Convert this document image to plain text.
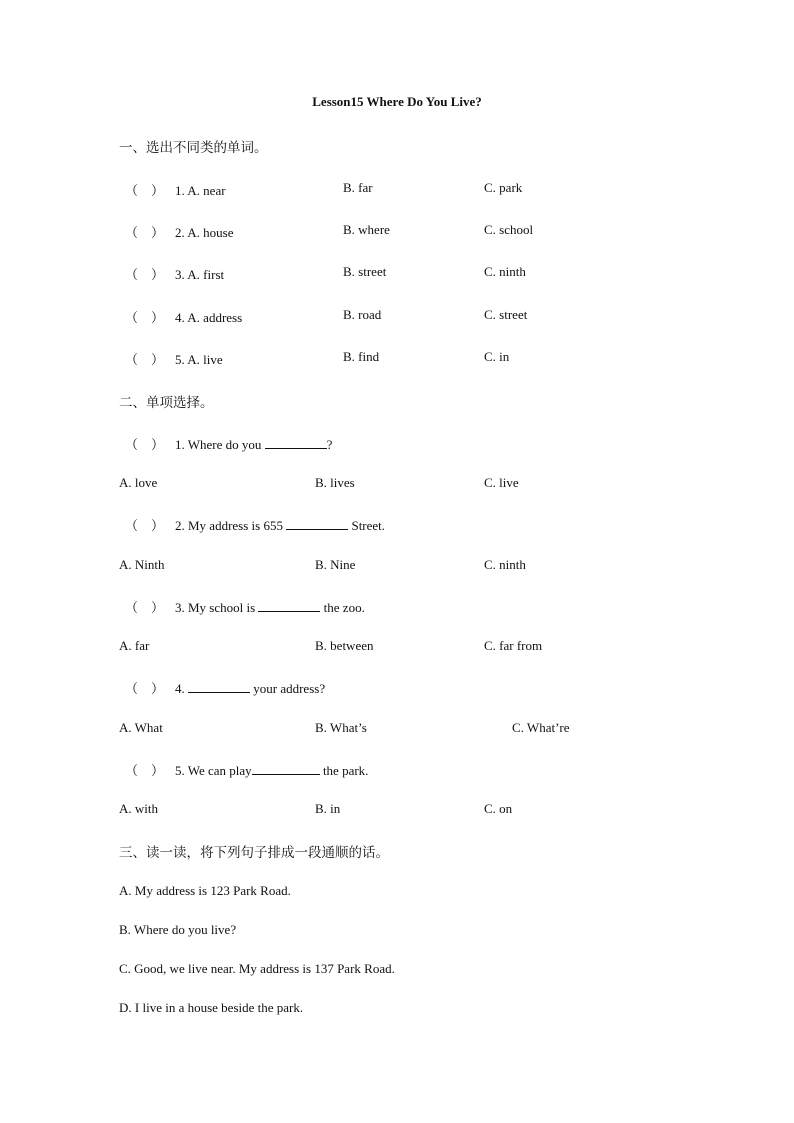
Lesson15 Where Do You Live?
一、选出不同类的单词。
（ ） 1. A. near	B. far	C. park
（ ） 2. A. house	B. where	C. school
（ ） 3. A. first	B. street	C. ninth
（ ） 4. A. address	B. road	C. street
（ ） 5. A. live	B. find	C. in
二、单项选择。
（ ） 1. Where do you	?
A. love	B. lives	C. live
（ ） 2. My address is 655	Street.
A. Ninth	B. Nine	C. ninth
（ ） 3. My school is	the zoo.
A. far	B. between	C. far from
（ ） 4.	your address?
A. What	B. What’s	C. What’re
（ ） 5. We can play	the park.
A. with	B. in	C. on
三、读一读，将下列句子排成一段通顺的话。
A. My address is 123 Park Road.
B. Where do you live?
C. Good, we live near. My address is 137 Park Road.
D. I live in a house beside the park.
